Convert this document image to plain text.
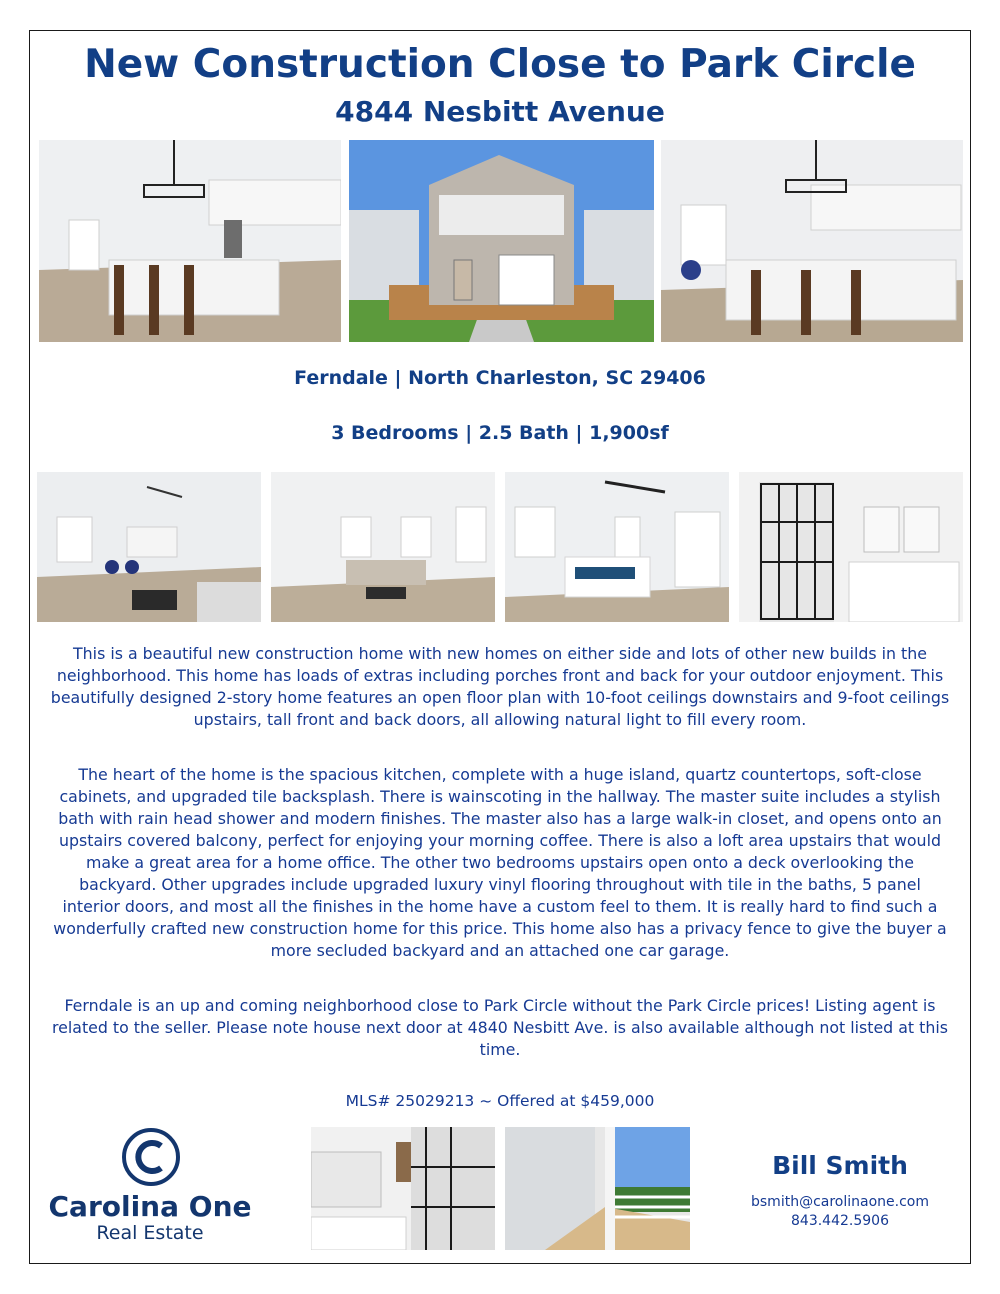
New Construction Close to Park Circle
4844 Nesbitt Avenue
Ferndale | North Charleston, SC 29406
3 Bedrooms | 2.5 Bath | 1,900sf
This is a beautiful new construction home with new homes on either side and lots of other new builds in the neighborhood. This home has loads of extras including porches front and back for your outdoor enjoyment. This beautifully designed 2-story home features an open floor plan with 10-foot ceilings downstairs and 9-foot ceilings upstairs, tall front and back doors, all allowing natural light to fill every room.
The heart of the home is the spacious kitchen, complete with a huge island, quartz countertops, soft-close cabinets, and upgraded tile backsplash. There is wainscoting in the hallway. The master suite includes a stylish bath with rain head shower and modern finishes. The master also has a large walk-in closet, and opens onto an upstairs covered balcony, perfect for enjoying your morning coffee. There is also a loft area upstairs that would make a great area for a home office. The other two bedrooms upstairs open onto a deck overlooking the backyard. Other upgrades include upgraded luxury vinyl flooring throughout with tile in the baths, 5 panel interior doors, and most all the finishes in the home have a custom feel to them. It is really hard to find such a wonderfully crafted new construction home for this price. This home also has a privacy fence to give the buyer a more secluded backyard and an attached one car garage.
Ferndale is an up and coming neighborhood close to Park Circle without the Park Circle prices! Listing agent is related to the seller. Please note house next door at 4840 Nesbitt Ave. is also available although not listed at this time.
MLS# 25029213 ~ Offered at $459,000
Carolina One
Real Estate
Bill Smith
bsmith@carolinaone.com
843.442.5906
